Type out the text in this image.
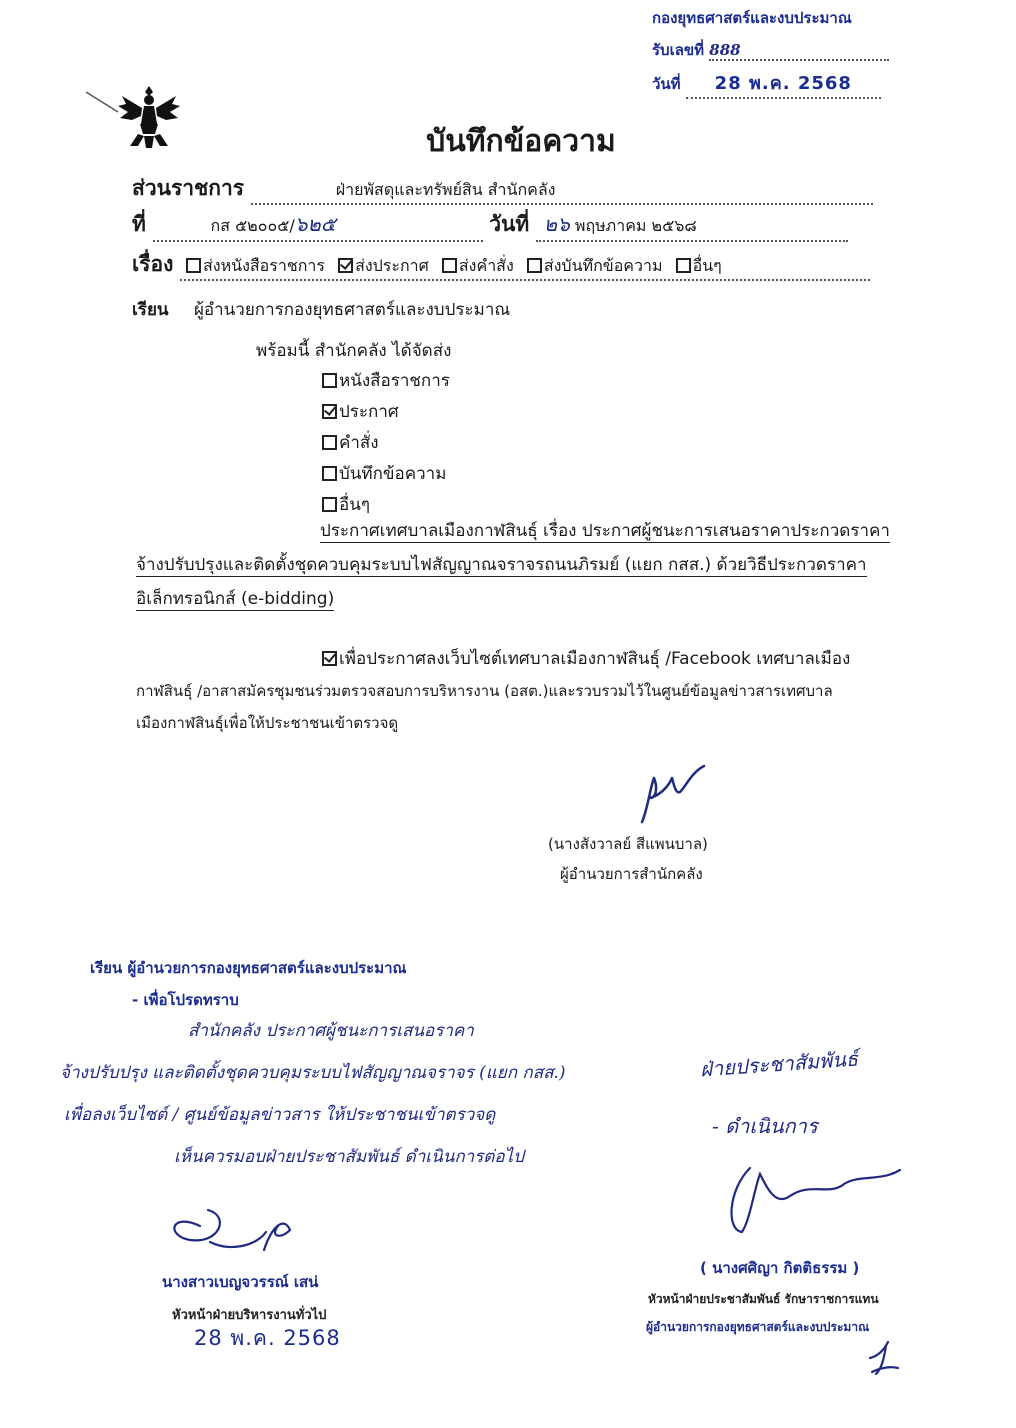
กองยุทธศาสตร์และงบประมาณ
รับเลขที่ 888
วันที่ 28 พ.ค. 2568
บันทึกข้อความ
ส่วนราชการ	ฝ่ายพัสดุและทรัพย์สิน สำนักคลัง
ที่	กส ๕๒๐๐๕/๖๒๕	วันที่ ๒๖ พฤษภาคม ๒๕๖๘
เรื่อง ส่งหนังสือราชการ ส่งประกาศ ส่งคำสั่ง ส่งบันทึกข้อความ อื่นๆ
เรียน ผู้อำนวยการกองยุทธศาสตร์และงบประมาณ
พร้อมนี้ สำนักคลัง ได้จัดส่ง
หนังสือราชการ
ประกาศ
คำสั่ง
บันทึกข้อความ
อื่นๆ
ประกาศเทศบาลเมืองกาฬสินธุ์ เรื่อง ประกาศผู้ชนะการเสนอราคาประกวดราคา
จ้างปรับปรุงและติดตั้งชุดควบคุมระบบไฟสัญญาณจราจรถนนภิรมย์ (แยก กสส.) ด้วยวิธีประกวดราคา
อิเล็กทรอนิกส์ (e-bidding)
เพื่อประกาศลงเว็บไซต์เทศบาลเมืองกาฬสินธุ์ /Facebook เทศบาลเมือง
กาฬสินธุ์ /อาสาสมัครชุมชนร่วมตรวจสอบการบริหารงาน (อสต.)และรวบรวมไว้ในศูนย์ข้อมูลข่าวสารเทศบาล
เมืองกาฬสินธุ์เพื่อให้ประชาชนเข้าตรวจดู
(นางสังวาลย์ สีแพนบาล)
ผู้อำนวยการสำนักคลัง
เรียน ผู้อำนวยการกองยุทธศาสตร์และงบประมาณ
- เพื่อโปรดทราบ
สำนักคลัง ประกาศผู้ชนะการเสนอราคา
จ้างปรับปรุง และติดตั้งชุดควบคุมระบบไฟสัญญาณจราจร (แยก กสส.)
เพื่อลงเว็บไซต์ / ศูนย์ข้อมูลข่าวสาร ให้ประชาชนเข้าตรวจดู
เห็นควรมอบฝ่ายประชาสัมพันธ์ ดำเนินการต่อไป
นางสาวเบญจวรรณ์ เสน่
หัวหน้าฝ่ายบริหารงานทั่วไป
28 พ.ค. 2568
ฝ่ายประชาสัมพันธ์
- ดำเนินการ
( นางศศิญา กิตติธรรม )
หัวหน้าฝ่ายประชาสัมพันธ์ รักษาราชการแทน
ผู้อำนวยการกองยุทธศาสตร์และงบประมาณ
